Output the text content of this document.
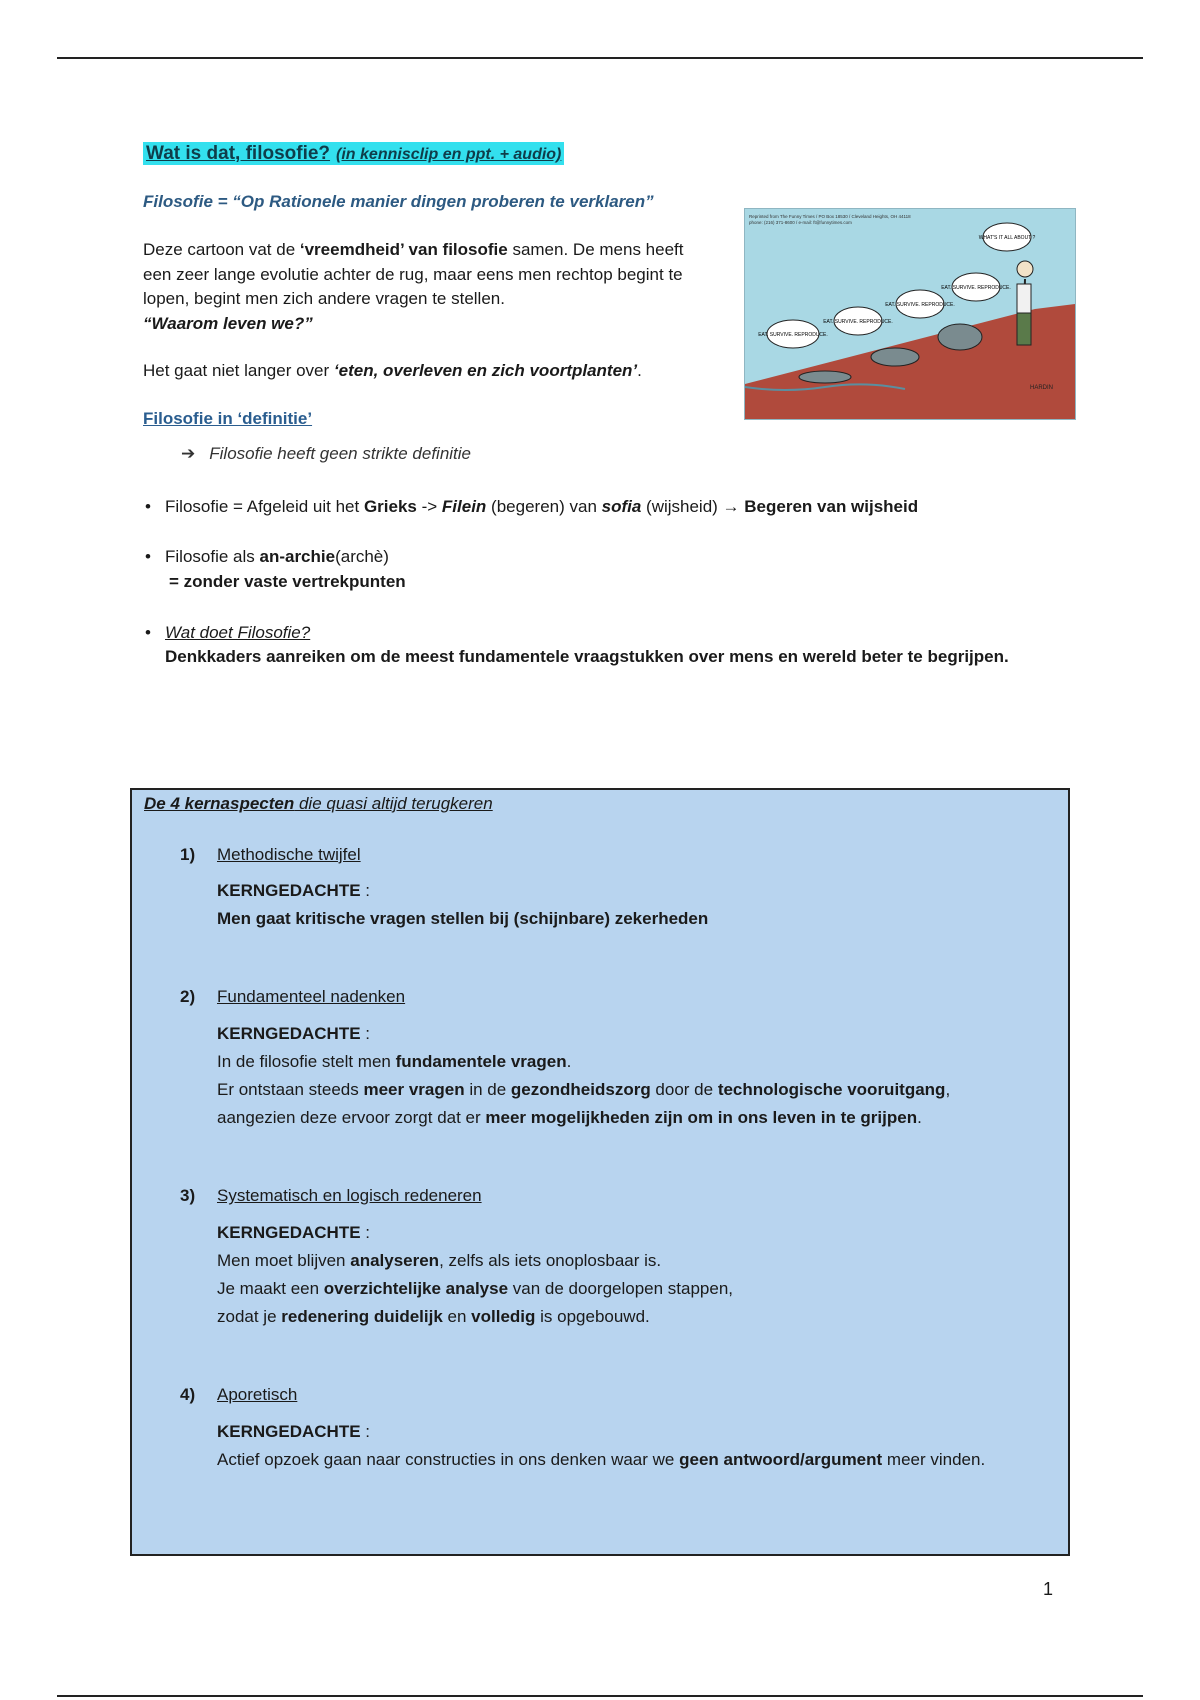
Wat is dat, filosofie? (in kennisclip en ppt. + audio)
Filosofie = “Op Rationele manier dingen proberen te verklaren”

Deze cartoon vat de ‘vreemdheid’ van filosofie samen. De mens heeft een zeer lange evolutie achter de rug, maar eens men rechtop begint te lopen, begint men zich andere vragen te stellen.
“Waarom leven we?”

Het gaat niet langer over ‘eten, overleven en zich voortplanten’.

Reprinted from The Funny Times / PO Box 18530 / Cleveland Heights, OH 44118
phone: (216) 371-8600 / e-mail: ft@funnytimes.com
EAT. SURVIVE. REPRODUCE.
EAT. SURVIVE. REPRODUCE.
EAT. SURVIVE. REPRODUCE.
EAT. SURVIVE. REPRODUCE.
WHAT'S IT ALL ABOUT ?
HARDIN
Filosofie in ‘definitie’
➔ Filosofie heeft geen strikte definitie
• Filosofie = Afgeleid uit het Grieks -> Filein (begeren) van sofia (wijsheid) → Begeren van wijsheid
• Filosofie als an-archie(archè)
= zonder vaste vertrekpunten
• Wat doet Filosofie?
Denkkaders aanreiken om de meest fundamentele vraagstukken over mens en wereld beter te begrijpen.
De 4 kernaspecten die quasi altijd terugkeren
1)	Methodische twijfel
KERNGEDACHTE :
Men gaat kritische vragen stellen bij (schijnbare) zekerheden
2)	Fundamenteel nadenken
KERNGEDACHTE :
In de filosofie stelt men fundamentele vragen.
Er ontstaan steeds meer vragen in de gezondheidszorg door de technologische vooruitgang,
aangezien deze ervoor zorgt dat er meer mogelijkheden zijn om in ons leven in te grijpen.
3)	Systematisch en logisch redeneren
KERNGEDACHTE :
Men moet blijven analyseren, zelfs als iets onoplosbaar is.
Je maakt een overzichtelijke analyse van de doorgelopen stappen,
zodat je redenering duidelijk en volledig is opgebouwd.
4)	Aporetisch
KERNGEDACHTE :
Actief opzoek gaan naar constructies in ons denken waar we geen antwoord/argument meer vinden.
1
